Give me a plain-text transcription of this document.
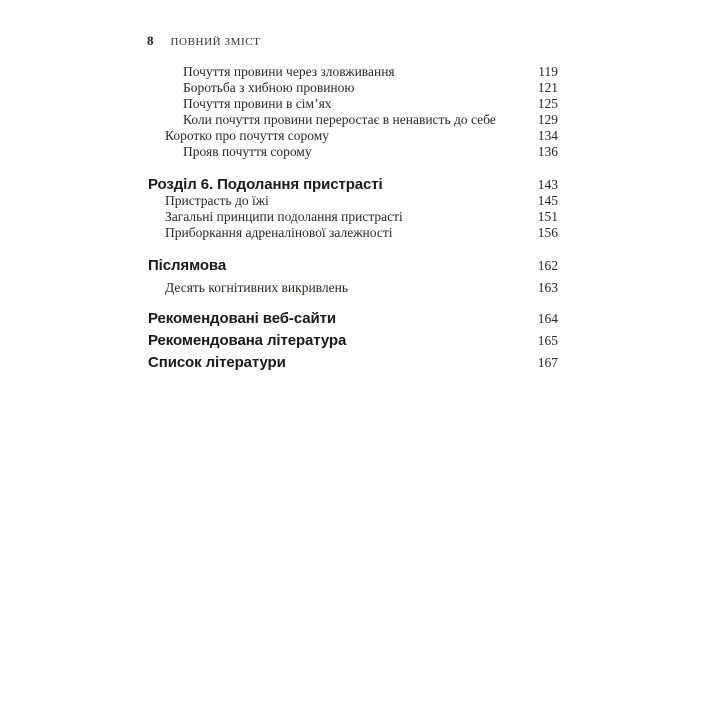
8 ПОВНИЙ ЗМІСТ
Почуття провини через зловживання	119
Боротьба з хибною провиною	121
Почуття провини в сім’ях	125
Коли почуття провини переростає в ненависть до себе	129
Коротко про почуття сорому	134
Прояв почуття сорому	136
Розділ 6. Подолання пристрасті	143
Пристрасть до їжі	145
Загальні принципи подолання пристрасті	151
Приборкання адреналінової залежності	156
Післямова	162
Десять когнітивних викривлень	163
Рекомендовані веб-сайти	164
Рекомендована література	165
Список літератури	167
